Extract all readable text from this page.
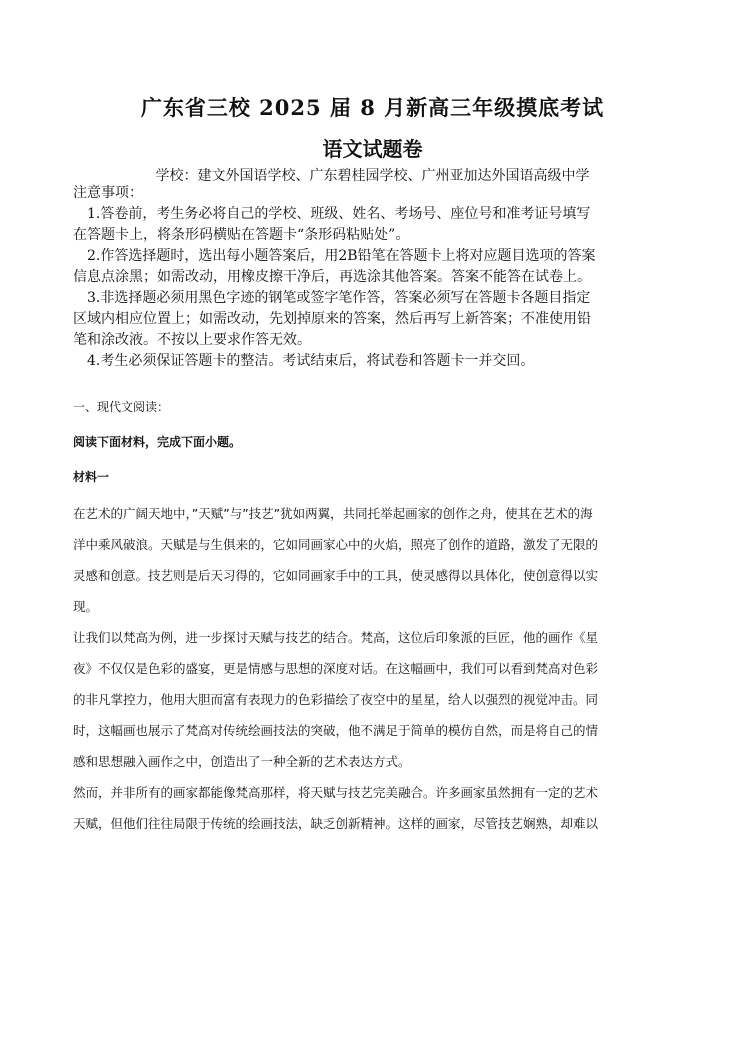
广东省三校 2025 届 8 月新高三年级摸底考试
语文试题卷
学校：建文外国语学校、广东碧桂园学校、广州亚加达外国语高级中学
注意事项：
1.答卷前，考生务必将自己的学校、班级、姓名、考场号、座位号和准考证号填写
在答题卡上，将条形码横贴在答题卡“条形码粘贴处”。
2.作答选择题时，选出每小题答案后，用2B铅笔在答题卡上将对应题目选项的答案
信息点涂黑；如需改动，用橡皮擦干净后，再选涂其他答案。答案不能答在试卷上。
3.非选择题必须用黑色字迹的钢笔或签字笔作答，答案必须写在答题卡各题目指定
区域内相应位置上；如需改动，先划掉原来的答案，然后再写上新答案；不准使用铅
笔和涂改液。不按以上要求作答无效。
4.考生必须保证答题卡的整洁。考试结束后，将试卷和答题卡一并交回。
一、现代文阅读：
阅读下面材料，完成下面小题。
材料一
在艺术的广阔天地中，”天赋”与”技艺”犹如两翼，共同托举起画家的创作之舟，使其在艺术的海
洋中乘风破浪。天赋是与生俱来的，它如同画家心中的火焰，照亮了创作的道路，激发了无限的
灵感和创意。技艺则是后天习得的，它如同画家手中的工具，使灵感得以具体化，使创意得以实
现。
让我们以梵高为例，进一步探讨天赋与技艺的结合。梵高，这位后印象派的巨匠，他的画作《星
夜》不仅仅是色彩的盛宴，更是情感与思想的深度对话。在这幅画中，我们可以看到梵高对色彩
的非凡掌控力，他用大胆而富有表现力的色彩描绘了夜空中的星星，给人以强烈的视觉冲击。同
时，这幅画也展示了梵高对传统绘画技法的突破，他不满足于简单的模仿自然，而是将自己的情
感和思想融入画作之中，创造出了一种全新的艺术表达方式。
然而，并非所有的画家都能像梵高那样，将天赋与技艺完美融合。许多画家虽然拥有一定的艺术
天赋，但他们往往局限于传统的绘画技法，缺乏创新精神。这样的画家，尽管技艺娴熟，却难以
